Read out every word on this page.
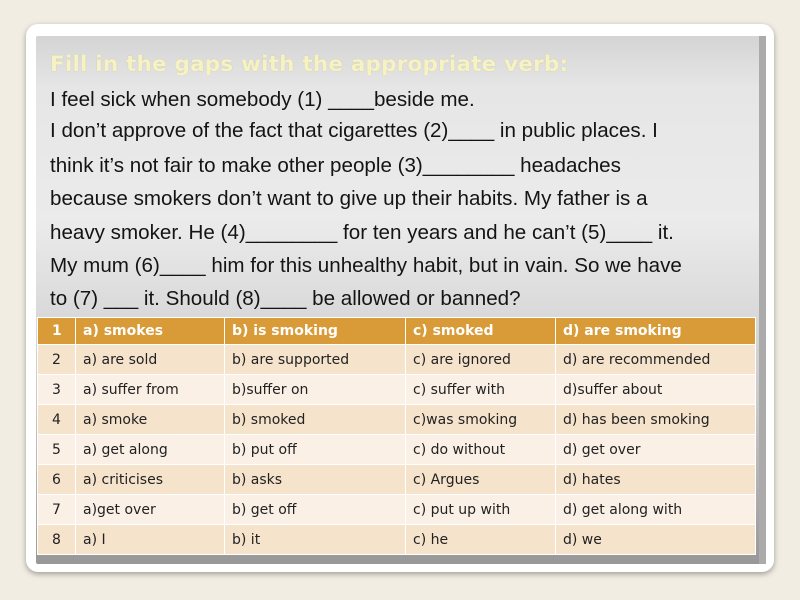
Fill in the gaps with the appropriate verb:

I feel sick when somebody (1) ____beside me.

I don’t approve of the fact that cigarettes (2)____ in public places. I

think it’s not fair to make other people (3)________ headaches

because smokers don’t want to give up their habits. My father is a

heavy smoker. He (4)________ for ten years and he can’t (5)____ it.

My mum (6)____ him for this unhealthy habit, but in vain. So we have

to (7) ___ it. Should (8)____ be allowed or banned?

1	a) smokes	b) is smoking	c) smoked	d) are smoking
2	a) are sold	b) are supported	c) are ignored	d) are recommended
3	a) suffer from	b)suffer on	c) suffer with	d)suffer about
4	a) smoke	b) smoked	c)was smoking	d) has been smoking
5	a) get along	b) put off	c) do without	d) get over
6	a) criticises	b) asks	c) Argues	d) hates
7	a)get over	b) get off	c) put up with	d) get along with
8	a) I	b) it	c) he	d) we
